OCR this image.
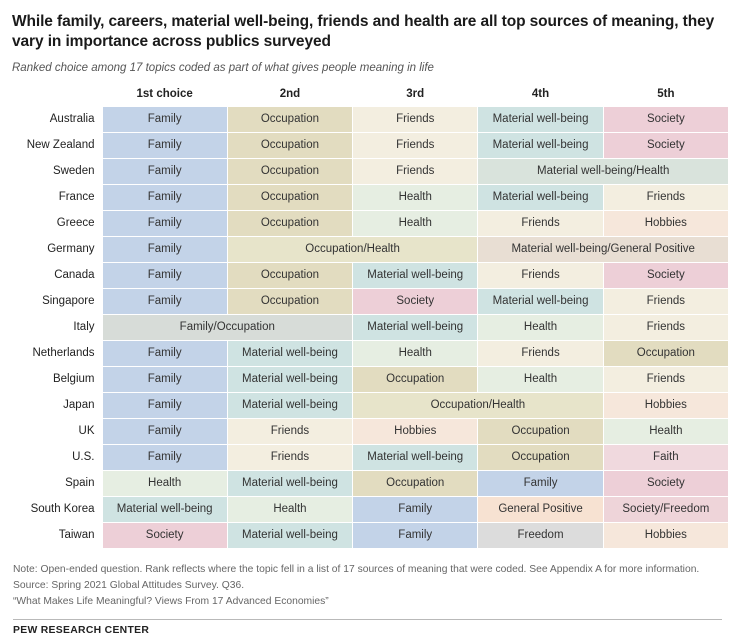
While family, careers, material well-being, friends and health are all top sources of meaning, they vary in importance across publics surveyed
Ranked choice among 17 topics coded as part of what gives people meaning in life
	1st choice	2nd	3rd	4th	5th
Australia	Family	Occupation	Friends	Material well-being	Society
New Zealand	Family	Occupation	Friends	Material well-being	Society
Sweden	Family	Occupation	Friends	Material well-being/Health	
France	Family	Occupation	Health	Material well-being	Friends
Greece	Family	Occupation	Health	Friends	Hobbies
Germany	Family	Occupation/Health		Material well-being/General Positive	
Canada	Family	Occupation	Material well-being	Friends	Society
Singapore	Family	Occupation	Society	Material well-being	Friends
Italy	Family/Occupation		Material well-being	Health	Friends
Netherlands	Family	Material well-being	Health	Friends	Occupation
Belgium	Family	Material well-being	Occupation	Health	Friends
Japan	Family	Material well-being	Occupation/Health		Hobbies
UK	Family	Friends	Hobbies	Occupation	Health
U.S.	Family	Friends	Material well-being	Occupation	Faith
Spain	Health	Material well-being	Occupation	Family	Society
South Korea	Material well-being	Health	Family	General Positive	Society/Freedom
Taiwan	Society	Material well-being	Family	Freedom	Hobbies
Note: Open-ended question. Rank reflects where the topic fell in a list of 17 sources of meaning that were coded. See Appendix A for more information.
Source: Spring 2021 Global Attitudes Survey. Q36.
“What Makes Life Meaningful? Views From 17 Advanced Economies”
PEW RESEARCH CENTER
